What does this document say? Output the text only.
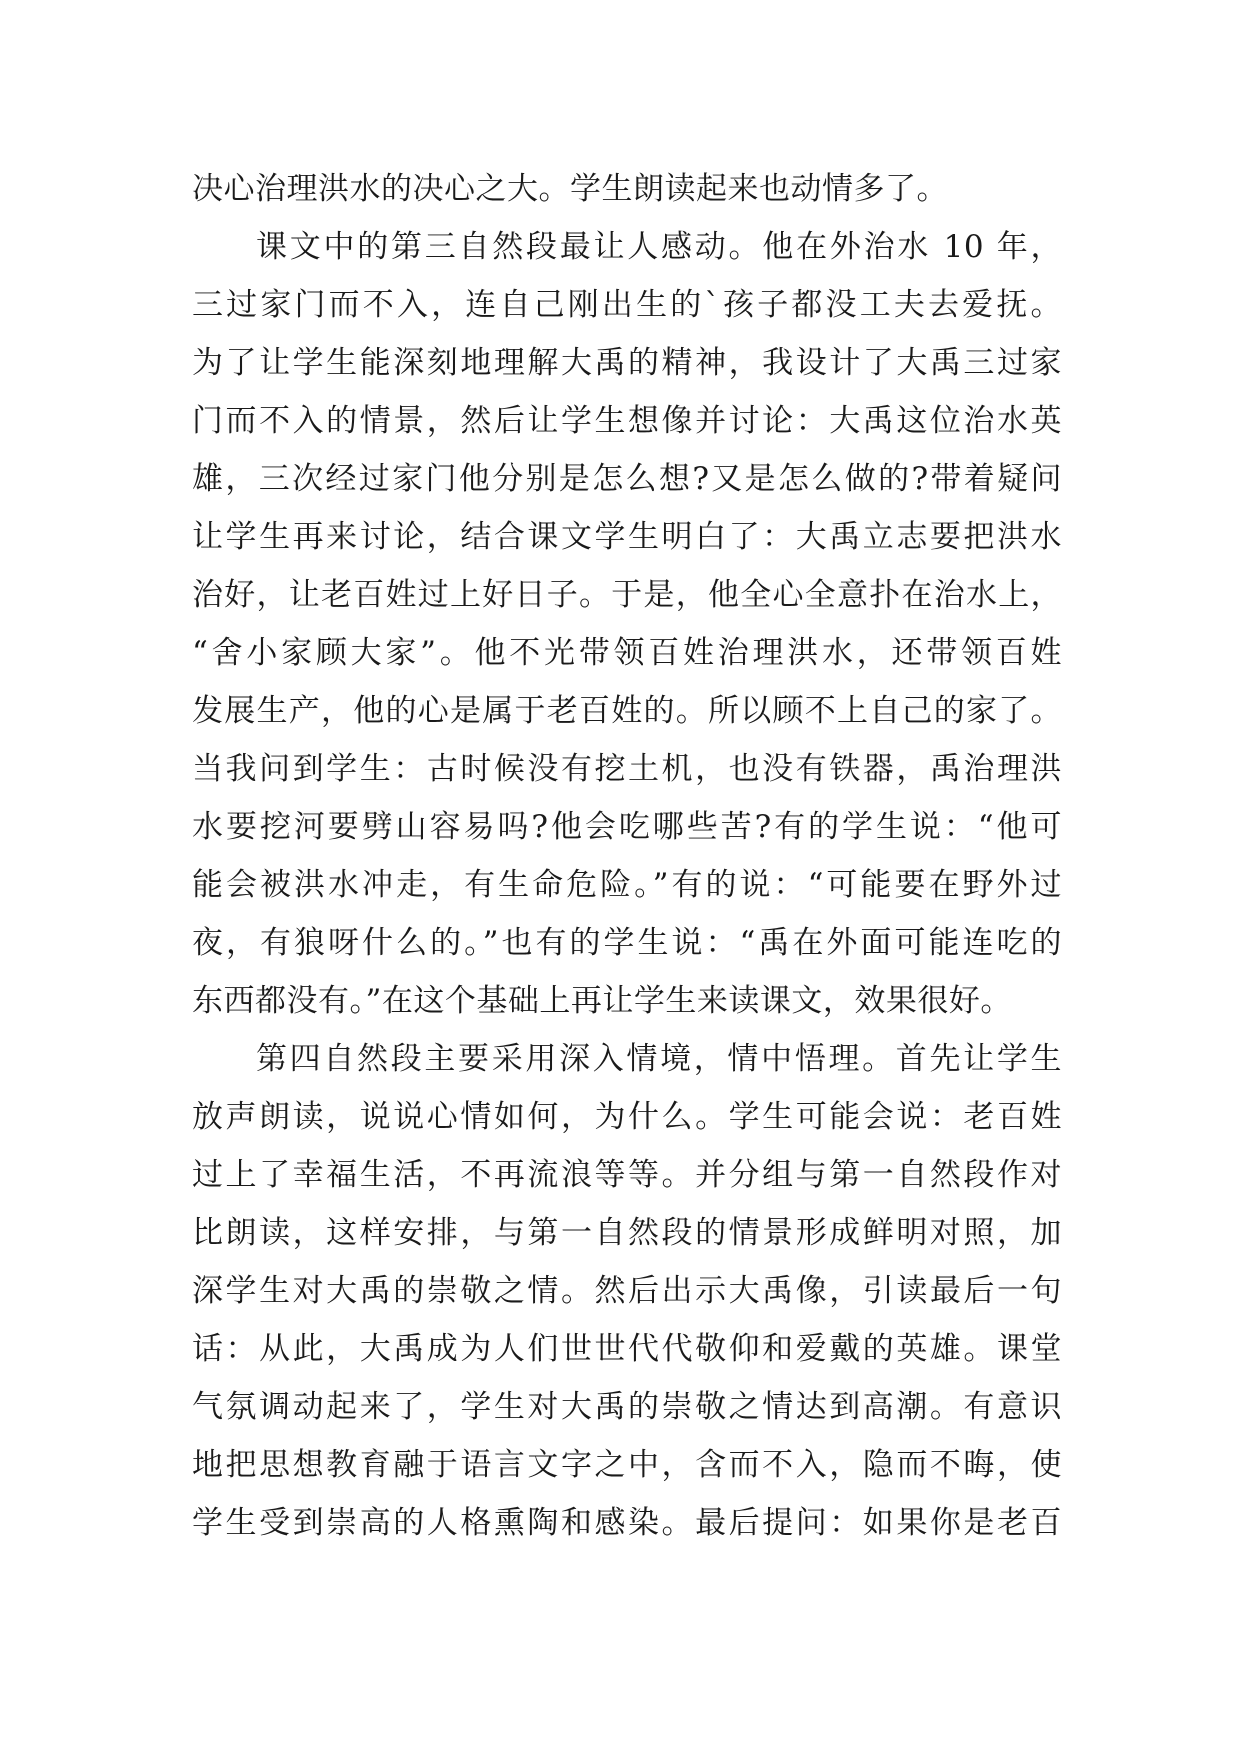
决心治理洪水的决心之大。学生朗读起来也动情多了。
课文中的第三自然段最让人感动。他在外治水 10 年，
三过家门而不入，连自己刚出生的`孩子都没工夫去爱抚。
为了让学生能深刻地理解大禹的精神，我设计了大禹三过家
门而不入的情景，然后让学生想像并讨论：大禹这位治水英
雄，三次经过家门他分别是怎么想?又是怎么做的?带着疑问
让学生再来讨论，结合课文学生明白了：大禹立志要把洪水
治好，让老百姓过上好日子。于是，他全心全意扑在治水上，
“舍小家顾大家”。他不光带领百姓治理洪水，还带领百姓
发展生产，他的心是属于老百姓的。所以顾不上自己的家了。
当我问到学生：古时候没有挖土机，也没有铁器，禹治理洪
水要挖河要劈山容易吗?他会吃哪些苦?有的学生说：“他可
能会被洪水冲走，有生命危险。”有的说：“可能要在野外过
夜，有狼呀什么的。”也有的学生说：“禹在外面可能连吃的
东西都没有。”在这个基础上再让学生来读课文，效果很好。
第四自然段主要采用深入情境，情中悟理。首先让学生
放声朗读，说说心情如何，为什么。学生可能会说：老百姓
过上了幸福生活，不再流浪等等。并分组与第一自然段作对
比朗读，这样安排，与第一自然段的情景形成鲜明对照，加
深学生对大禹的崇敬之情。然后出示大禹像，引读最后一句
话：从此，大禹成为人们世世代代敬仰和爱戴的英雄。课堂
气氛调动起来了，学生对大禹的崇敬之情达到高潮。有意识
地把思想教育融于语言文字之中，含而不入，隐而不晦，使
学生受到崇高的人格熏陶和感染。最后提问：如果你是老百
